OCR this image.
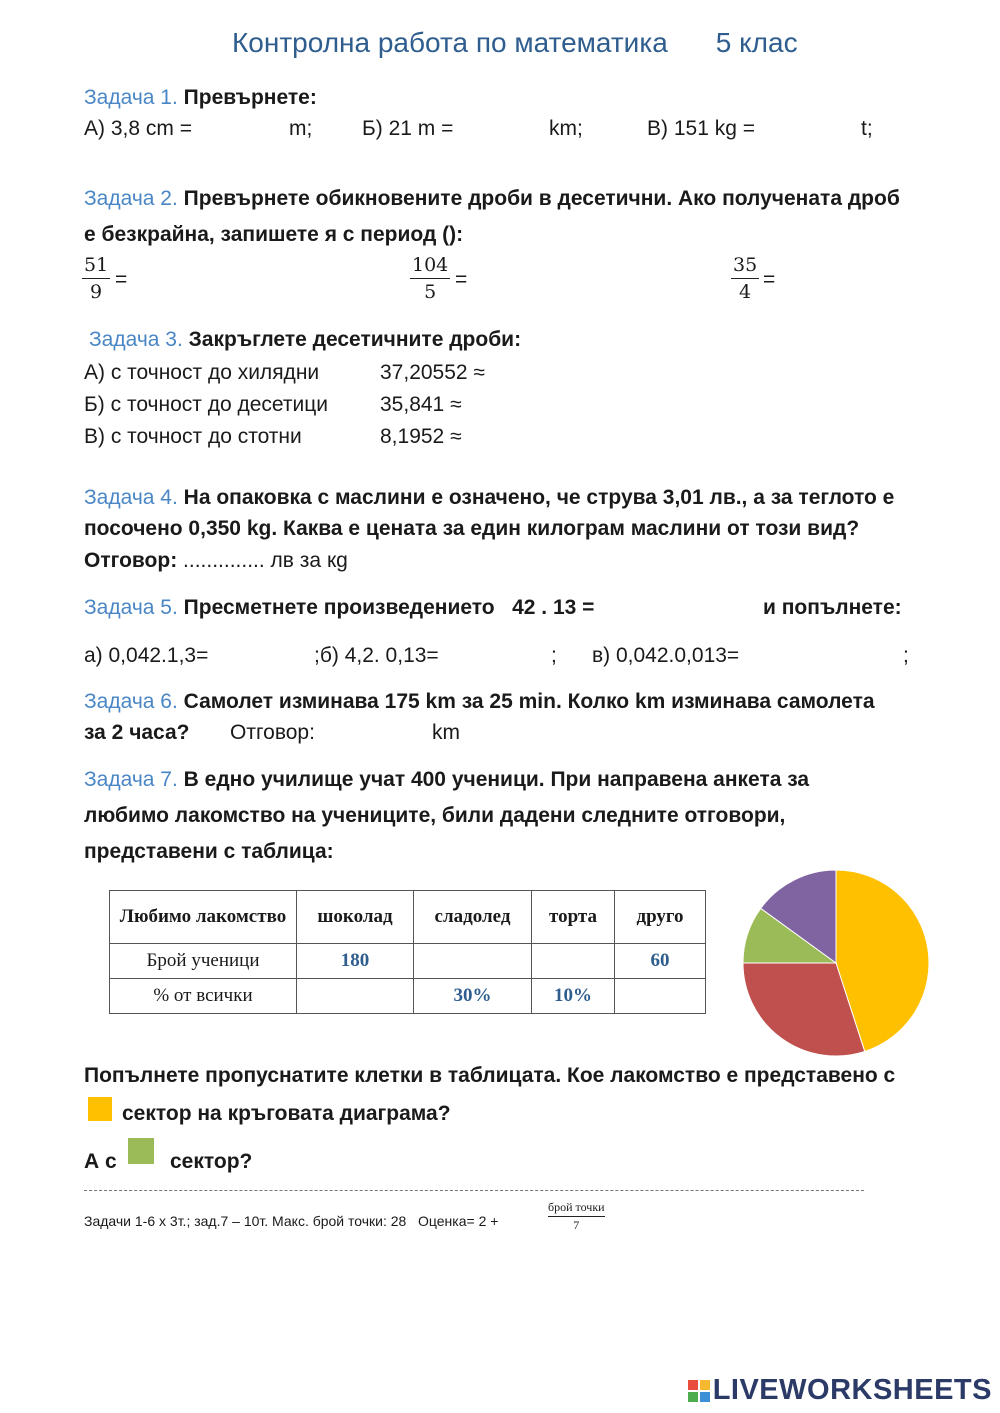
Контролна работа по математика 5 клас
Задача 1. Превърнете:
А) 3,8 cm =	m; Б) 21 m =	km;	В) 151 kg =	t;
Задача 2. Превърнете обикновените дроби в десетични. Ако получената дроб
е безкрайна, запишете я с период ():
51
9
=
104
5
=
35
4
=
Задача 3. Закръглете десетичните дроби:
А) с точност до хилядни	37,20552 ≈
Б) с точност до десетици 35,841 ≈
В) с точност до стотни	8,1952 ≈
Задача 4. На опаковка с маслини е означено, че струва 3,01 лв., а за теглото е
посочено 0,350 kg. Каква е цената за един килограм маслини от този вид?
Отговор: .............. лв за кg
Задача 5. Пресметнете произведението   42 . 13 =	и попълнете:
а) 0,042.1,3=	;б) 4,2. 0,13=	; в) 0,042.0,013=	;
Задача 6. Самолет изминава 175 km за 25 min. Колко km изминава самолета
за 2 часа? Отговор:	km
Задача 7. В едно училище учат 400 ученици. При направена анкета за
любимо лакомство на учениците, били дадени следните отговори,
представени с таблица:
Любимо лакомство	шоколад	сладолед	торта	друго
Брой ученици	180			60
% от всички		30%	10%	
Попълнете пропуснатите клетки в таблицата. Кое лакомство е представено с
сектор на кръговата диаграма?
А с	сектор?
Задачи 1-6 х 3т.; зад.7 – 10т. Макс. брой точки: 28   Оценка= 2 +
брой точки
7
LIVEWORKSHEETS
